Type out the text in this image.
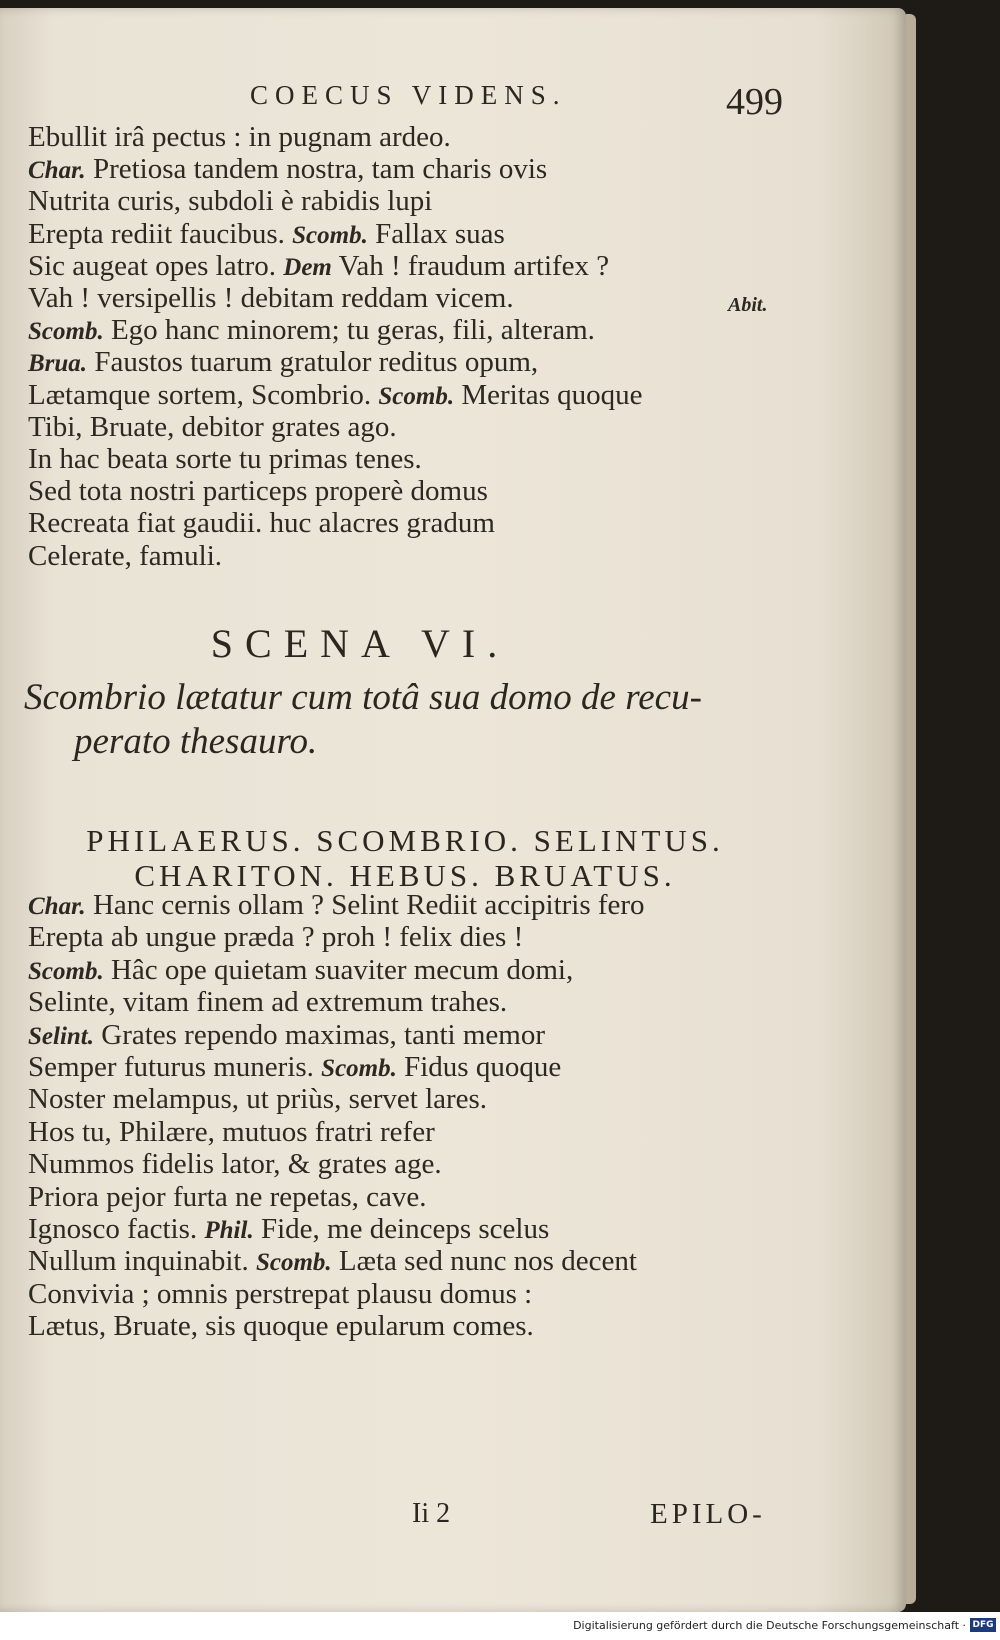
COECUS VIDENS.	499
Ebullit irâ pectus : in pugnam ardeo.
Char. Pretiosa tandem nostra, tam charis ovis
Nutrita curis, subdoli è rabidis lupi
Erepta rediit faucibus. Scomb. Fallax suas
Sic augeat opes latro. Dem Vah ! fraudum artifex ?
Vah ! versipellis ! debitam reddam vicem.
Scomb. Ego hanc minorem; tu geras, fili, alteram.
Brua. Faustos tuarum gratulor reditus opum,
Lætamque sortem, Scombrio. Scomb. Meritas quoque
Tibi, Bruate, debitor grates ago.
In hac beata sorte tu primas tenes.
Sed tota nostri particeps properè domus
Recreata fiat gaudii. huc alacres gradum
Celerate, famuli.
Abit.
SCENA VI.
Scombrio lætatur cum totâ sua domo de recu-
perato thesauro.
PHILAERUS. SCOMBRIO. SELINTUS.
CHARITON. HEBUS. BRUATUS.
Char. Hanc cernis ollam ? Selint Rediit accipitris fero
Erepta ab ungue præda ? proh ! felix dies !
Scomb. Hâc ope quietam suaviter mecum domi,
Selinte, vitam finem ad extremum trahes.
Selint. Grates rependo maximas, tanti memor
Semper futurus muneris. Scomb. Fidus quoque
Noster melampus, ut priùs, servet lares.
Hos tu, Philære, mutuos fratri refer
Nummos fidelis lator, & grates age.
Priora pejor furta ne repetas, cave.
Ignosco factis. Phil. Fide, me deinceps scelus
Nullum inquinabit. Scomb. Læta sed nunc nos decent
Convivia ; omnis perstrepat plausu domus :
Lætus, Bruate, sis quoque epularum comes.
Ii 2	EPILO-
Digitalisierung gefördert durch die Deutsche Forschungsgemeinschaft · DFG
